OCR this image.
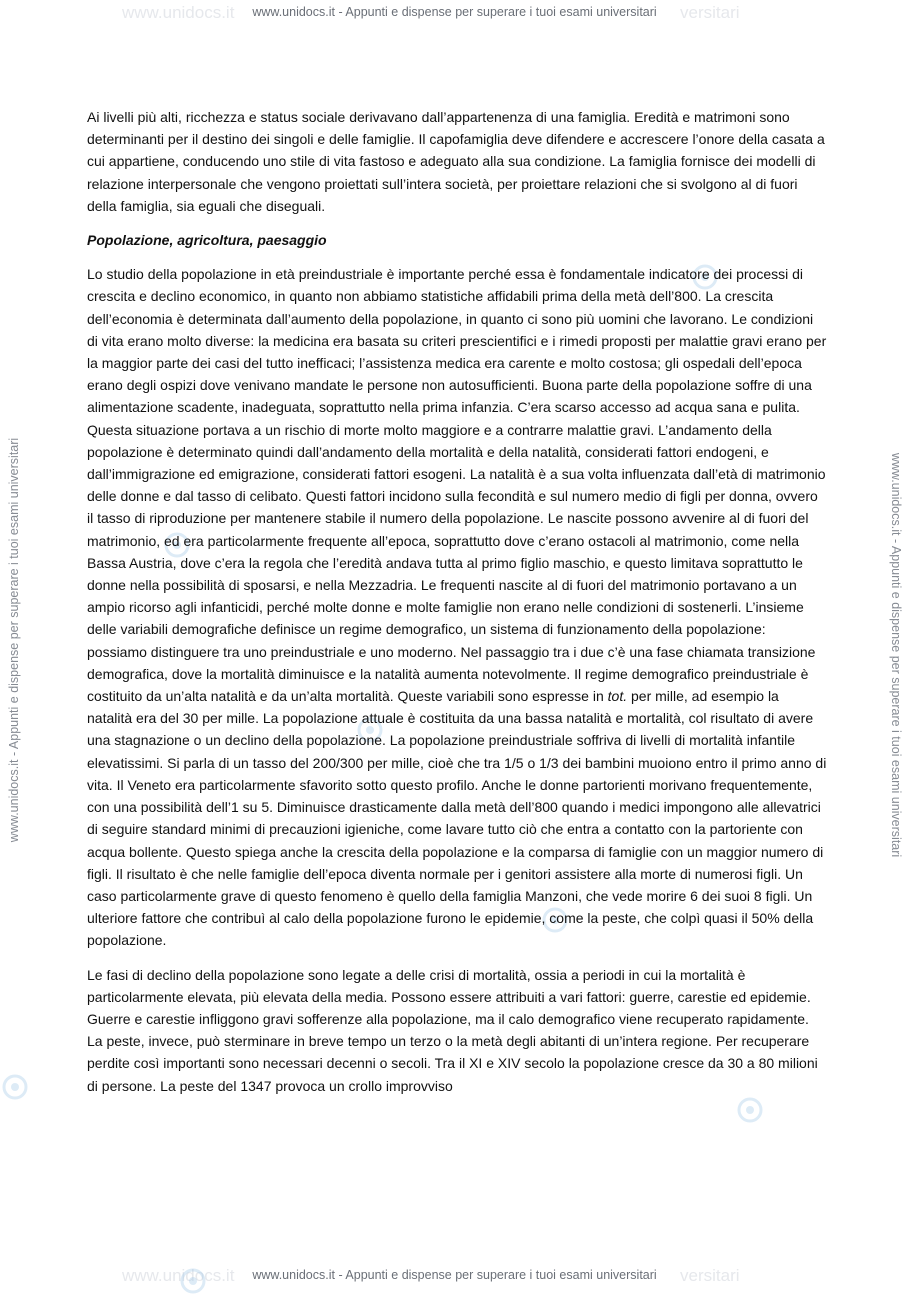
www.unidocs.it	versitari
www.unidocs.it - Appunti e dispense per superare i tuoi esami universitari
www.unidocs.it	versitari
www.unidocs.it - Appunti e dispense per superare i tuoi esami universitari
www.unidocs.it - Appunti e dispense per superare i tuoi esami universitari	www.unidocs.it - Appunti e dispense per superare i tuoi esami universitari

Ai livelli più alti, ricchezza e status sociale derivavano dall’appartenenza di una famiglia. Eredità e matrimoni sono determinanti per il destino dei singoli e delle famiglie. Il capofamiglia deve difendere e accrescere l’onore della casata a cui appartiene, conducendo uno stile di vita fastoso e adeguato alla sua condizione. La famiglia fornisce dei modelli di relazione interpersonale che vengono proiettati sull’intera società, per proiettare relazioni che si svolgono al di fuori della famiglia, sia eguali che diseguali.

Popolazione, agricoltura, paesaggio

Lo studio della popolazione in età preindustriale è importante perché essa è fondamentale indicatore dei processi di crescita e declino economico, in quanto non abbiamo statistiche affidabili prima della metà dell’800. La crescita dell’economia è determinata dall’aumento della popolazione, in quanto ci sono più uomini che lavorano. Le condizioni di vita erano molto diverse: la medicina era basata su criteri prescientifici e i rimedi proposti per malattie gravi erano per la maggior parte dei casi del tutto inefficaci; l’assistenza medica era carente e molto costosa; gli ospedali dell’epoca erano degli ospizi dove venivano mandate le persone non autosufficienti. Buona parte della popolazione soffre di una alimentazione scadente, inadeguata, soprattutto nella prima infanzia. C’era scarso accesso ad acqua sana e pulita. Questa situazione portava a un rischio di morte molto maggiore e a contrarre malattie gravi. L’andamento della popolazione è determinato quindi dall’andamento della mortalità e della natalità, considerati fattori endogeni, e dall’immigrazione ed emigrazione, considerati fattori esogeni. La natalità è a sua volta influenzata dall’età di matrimonio delle donne e dal tasso di celibato. Questi fattori incidono sulla fecondità e sul numero medio di figli per donna, ovvero il tasso di riproduzione per mantenere stabile il numero della popolazione. Le nascite possono avvenire al di fuori del matrimonio, ed era particolarmente frequente all’epoca, soprattutto dove c’erano ostacoli al matrimonio, come nella Bassa Austria, dove c’era la regola che l’eredità andava tutta al primo figlio maschio, e questo limitava soprattutto le donne nella possibilità di sposarsi, e nella Mezzadria. Le frequenti nascite al di fuori del matrimonio portavano a un ampio ricorso agli infanticidi, perché molte donne e molte famiglie non erano nelle condizioni di sostenerli. L’insieme delle variabili demografiche definisce un regime demografico, un sistema di funzionamento della popolazione: possiamo distinguere tra uno preindustriale e uno moderno. Nel passaggio tra i due c’è una fase chiamata transizione demografica, dove la mortalità diminuisce e la natalità aumenta notevolmente. Il regime demografico preindustriale è costituito da un’alta natalità e da un’alta mortalità. Queste variabili sono espresse in tot. per mille, ad esempio la natalità era del 30 per mille. La popolazione attuale è costituita da una bassa natalità e mortalità, col risultato di avere una stagnazione o un declino della popolazione. La popolazione preindustriale soffriva di livelli di mortalità infantile elevatissimi. Si parla di un tasso del 200/300 per mille, cioè che tra 1/5 o 1/3 dei bambini muoiono entro il primo anno di vita. Il Veneto era particolarmente sfavorito sotto questo profilo. Anche le donne partorienti morivano frequentemente, con una possibilità dell’1 su 5. Diminuisce drasticamente dalla metà dell’800 quando i medici impongono alle allevatrici di seguire standard minimi di precauzioni igieniche, come lavare tutto ciò che entra a contatto con la partoriente con acqua bollente. Questo spiega anche la crescita della popolazione e la comparsa di famiglie con un maggior numero di figli. Il risultato è che nelle famiglie dell’epoca diventa normale per i genitori assistere alla morte di numerosi figli. Un caso particolarmente grave di questo fenomeno è quello della famiglia Manzoni, che vede morire 6 dei suoi 8 figli. Un ulteriore fattore che contribuì al calo della popolazione furono le epidemie, come la peste, che colpì quasi il 50% della popolazione.

Le fasi di declino della popolazione sono legate a delle crisi di mortalità, ossia a periodi in cui la mortalità è particolarmente elevata, più elevata della media. Possono essere attribuiti a vari fattori: guerre, carestie ed epidemie. Guerre e carestie infliggono gravi sofferenze alla popolazione, ma il calo demografico viene recuperato rapidamente. La peste, invece, può sterminare in breve tempo un terzo o la metà degli abitanti di un’intera regione. Per recuperare perdite così importanti sono necessari decenni o secoli. Tra il XI e XIV secolo la popolazione cresce da 30 a 80 milioni di persone. La peste del 1347 provoca un crollo improvviso
